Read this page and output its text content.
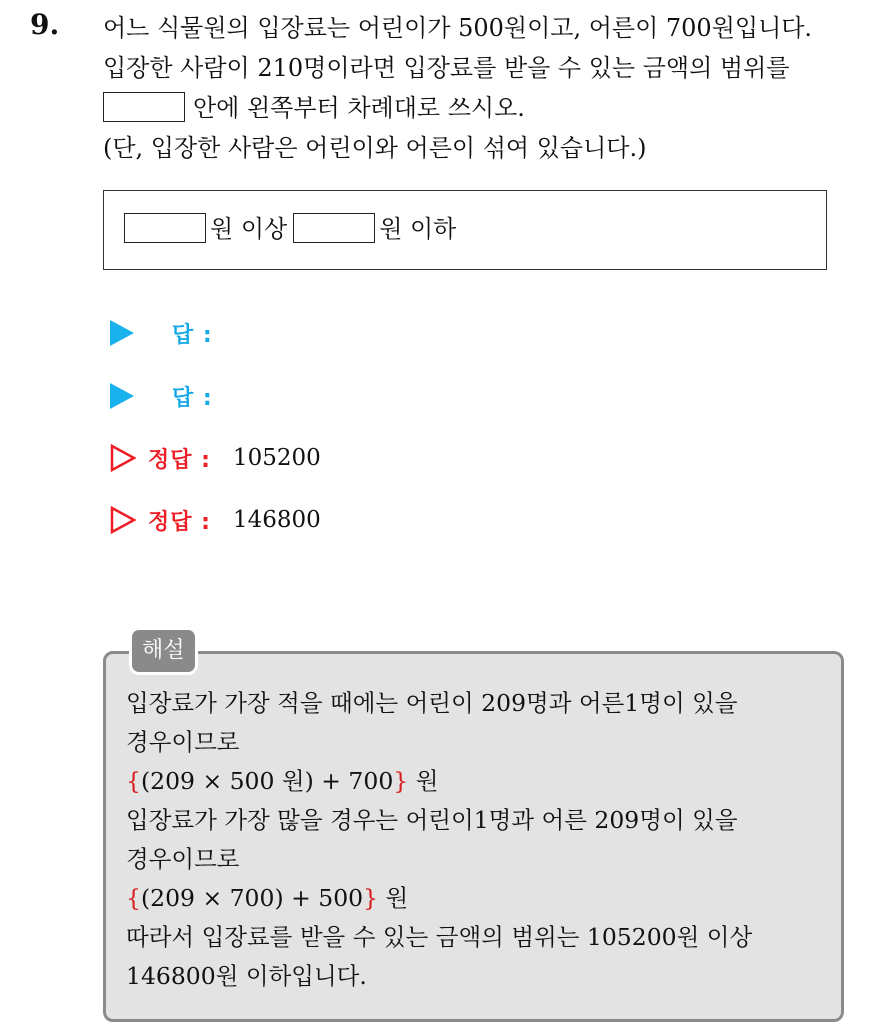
9. 어느 식물원의 입장료는 어린이가 500원이고, 어른이 700원입니다.
입장한 사람이 210명이라면 입장료를 받을 수 있는 금액의 범위를
안에 왼쪽부터 차례대로 쓰시오.
(단, 입장한 사람은 어린이와 어른이 섞여 있습니다.)
원 이상	원 이하
답 :
답 :
정답 : 105200
정답 : 146800
해설
입장료가 가장 적을 때에는 어린이 209명과 어른1명이 있을
경우이므로
{(209 × 500 원) + 700} 원
입장료가 가장 많을 경우는 어린이1명과 어른 209명이 있을
경우이므로
{(209 × 700) + 500} 원
따라서 입장료를 받을 수 있는 금액의 범위는 105200원 이상
146800원 이하입니다.
